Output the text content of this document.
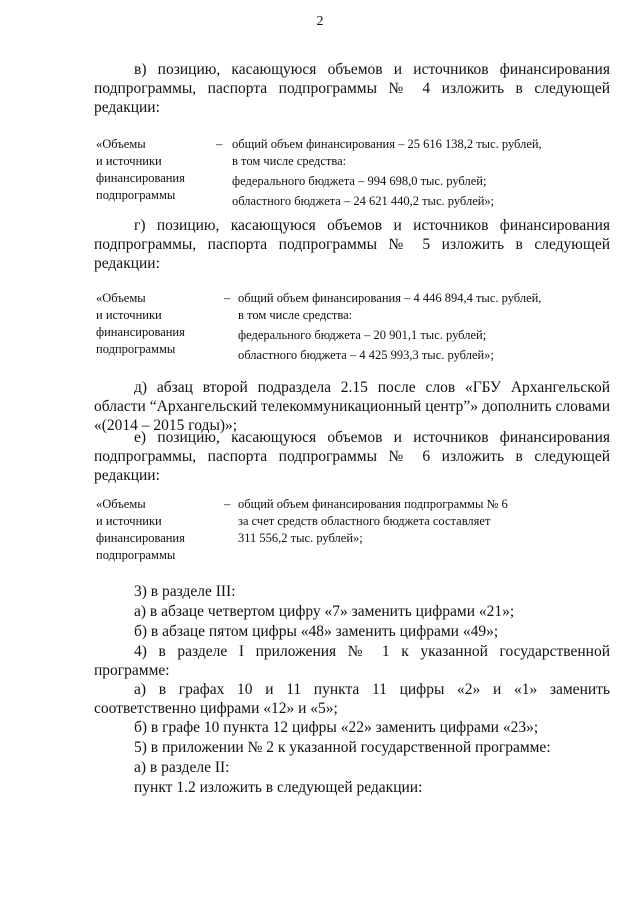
2
в) позицию, касающуюся объемов и источников финансирования подпрограммы, паспорта подпрограммы № 4 изложить в следующей редакции:
«Объемы
и источники
финансирования
подпрограммы
– общий объем финансирования – 25 616 138,2 тыс. рублей,
в том числе средства:
федерального бюджета – 994 698,0 тыс. рублей;
областного бюджета – 24 621 440,2 тыс. рублей»;
г) позицию, касающуюся объемов и источников финансирования подпрограммы, паспорта подпрограммы № 5 изложить в следующей редакции:
«Объемы
и источники
финансирования
подпрограммы
– общий объем финансирования – 4 446 894,4 тыс. рублей,
в том числе средства:
федерального бюджета – 20 901,1 тыс. рублей;
областного бюджета – 4 425 993,3 тыс. рублей»;
д) абзац второй подраздела 2.15 после слов «ГБУ Архангельской области “Архангельский телекоммуникационный центр”» дополнить словами «(2014 – 2015 годы)»;
е) позицию, касающуюся объемов и источников финансирования подпрограммы, паспорта подпрограммы № 6 изложить в следующей редакции:
«Объемы
и источники
финансирования
подпрограммы
– общий объем финансирования подпрограммы № 6
за счет средств областного бюджета составляет
311 556,2 тыс. рублей»;
3) в разделе III:
а) в абзаце четвертом цифру «7» заменить цифрами «21»;
б) в абзаце пятом цифры «48» заменить цифрами «49»;
4) в разделе I приложения № 1 к указанной государственной программе:
а) в графах 10 и 11 пункта 11 цифры «2» и «1» заменить соответственно цифрами «12» и «5»;
б) в графе 10 пункта 12 цифры «22» заменить цифрами «23»;
5) в приложении № 2 к указанной государственной программе:
а) в разделе II:
пункт 1.2 изложить в следующей редакции:
